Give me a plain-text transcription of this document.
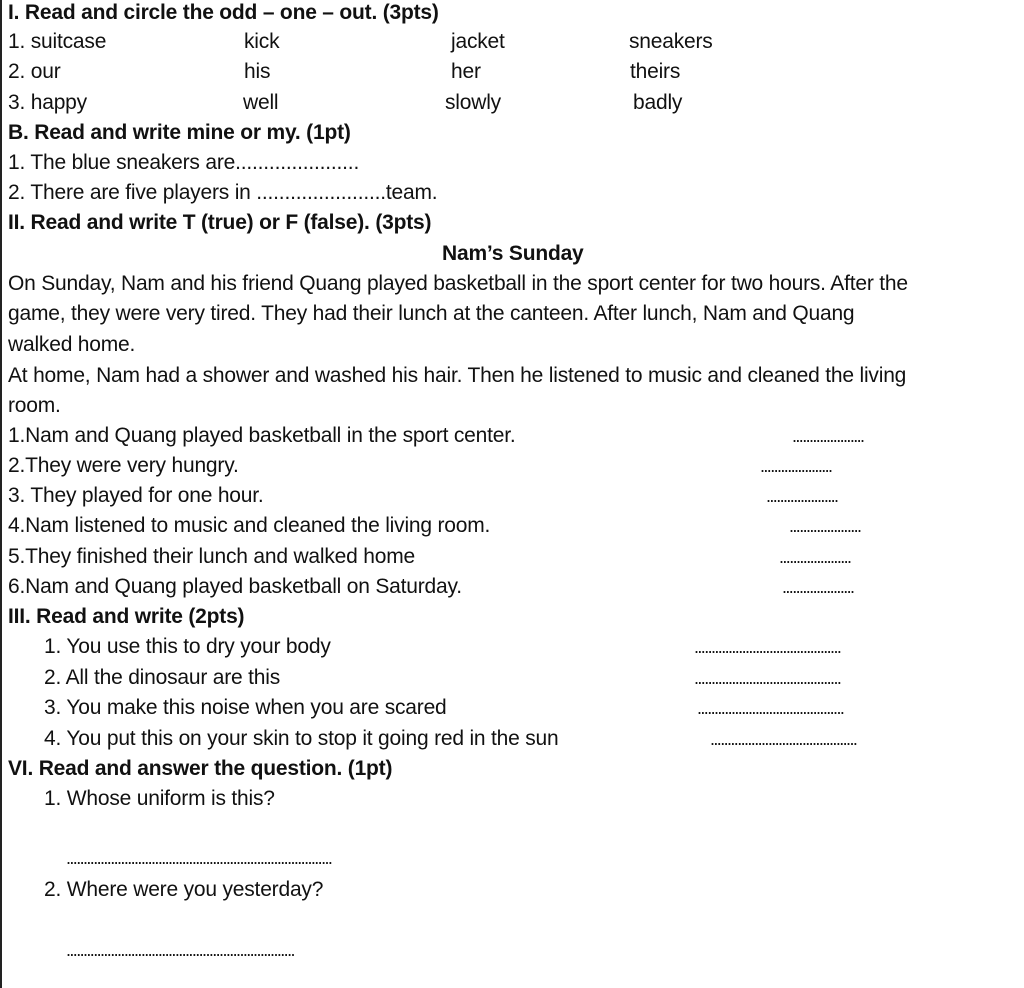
I. Read and circle the odd – one – out. (3pts)
1. suitcase	kick	jacket	sneakers
2. our	his	her	theirs
3. happy	well	slowly	badly
B. Read and write mine or my. (1pt)
1. The blue sneakers are......................
2. There are five players in .......................team.
II. Read and write T (true) or F (false). (3pts)
Nam’s Sunday
On Sunday, Nam and his friend Quang played basketball in the sport center for two hours. After the
game, they were very tired. They had their lunch at the canteen. After lunch, Nam and Quang
walked home.
At home, Nam had a shower and washed his hair. Then he listened to music and cleaned the living
room.
1.Nam and Quang played basketball in the sport center.	.....................
2.They were very hungry.	.....................
3. They played for one hour.	.....................
4.Nam listened to music and cleaned the living room.	.....................
5.They finished their lunch and walked home	.....................
6.Nam and Quang played basketball on Saturday.	.....................
III. Read and write (2pts)
1. You use this to dry your body	...........................................
2. All the dinosaur are this	...........................................
3. You make this noise when you are scared	...........................................
4. You put this on your skin to stop it going red in the sun	...........................................
VI. Read and answer the question. (1pt)
1. Whose uniform is this?
..............................................................................
2. Where were you yesterday?
...................................................................
